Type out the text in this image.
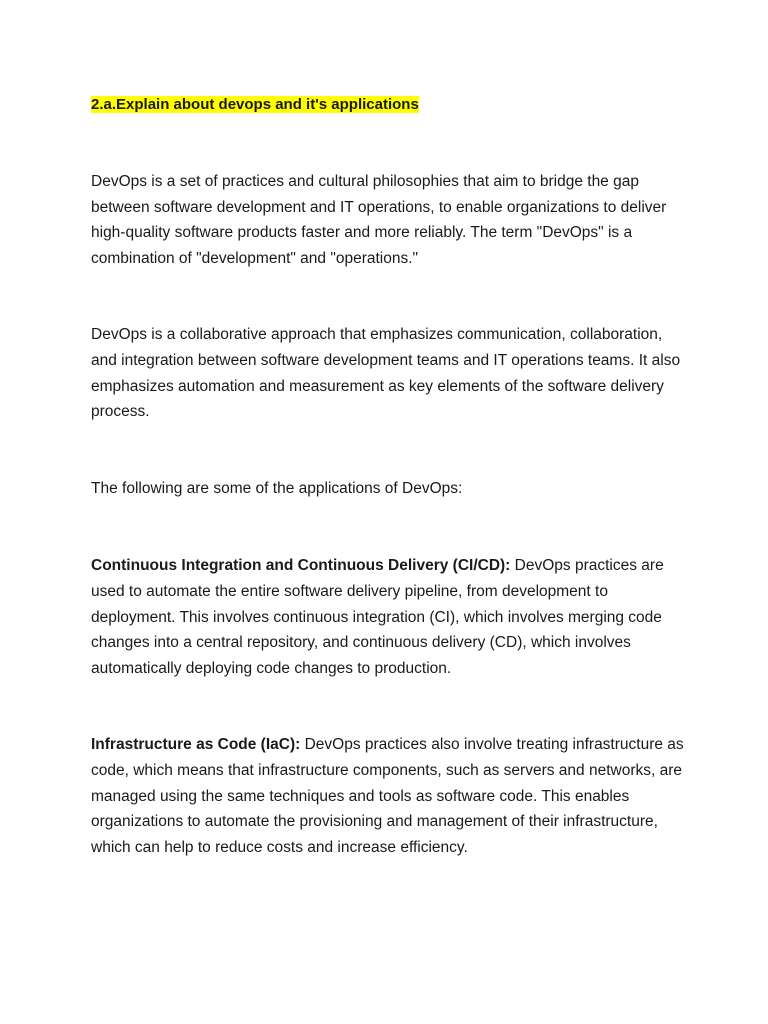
2.a.Explain about devops and it's applications

DevOps is a set of practices and cultural philosophies that aim to bridge the gap between software development and IT operations, to enable organizations to deliver high-quality software products faster and more reliably. The term "DevOps" is a combination of "development" and "operations."

DevOps is a collaborative approach that emphasizes communication, collaboration, and integration between software development teams and IT operations teams. It also emphasizes automation and measurement as key elements of the software delivery process.

The following are some of the applications of DevOps:

Continuous Integration and Continuous Delivery (CI/CD): DevOps practices are used to automate the entire software delivery pipeline, from development to deployment. This involves continuous integration (CI), which involves merging code changes into a central repository, and continuous delivery (CD), which involves automatically deploying code changes to production.

Infrastructure as Code (IaC): DevOps practices also involve treating infrastructure as code, which means that infrastructure components, such as servers and networks, are managed using the same techniques and tools as software code. This enables organizations to automate the provisioning and management of their infrastructure, which can help to reduce costs and increase efficiency.
